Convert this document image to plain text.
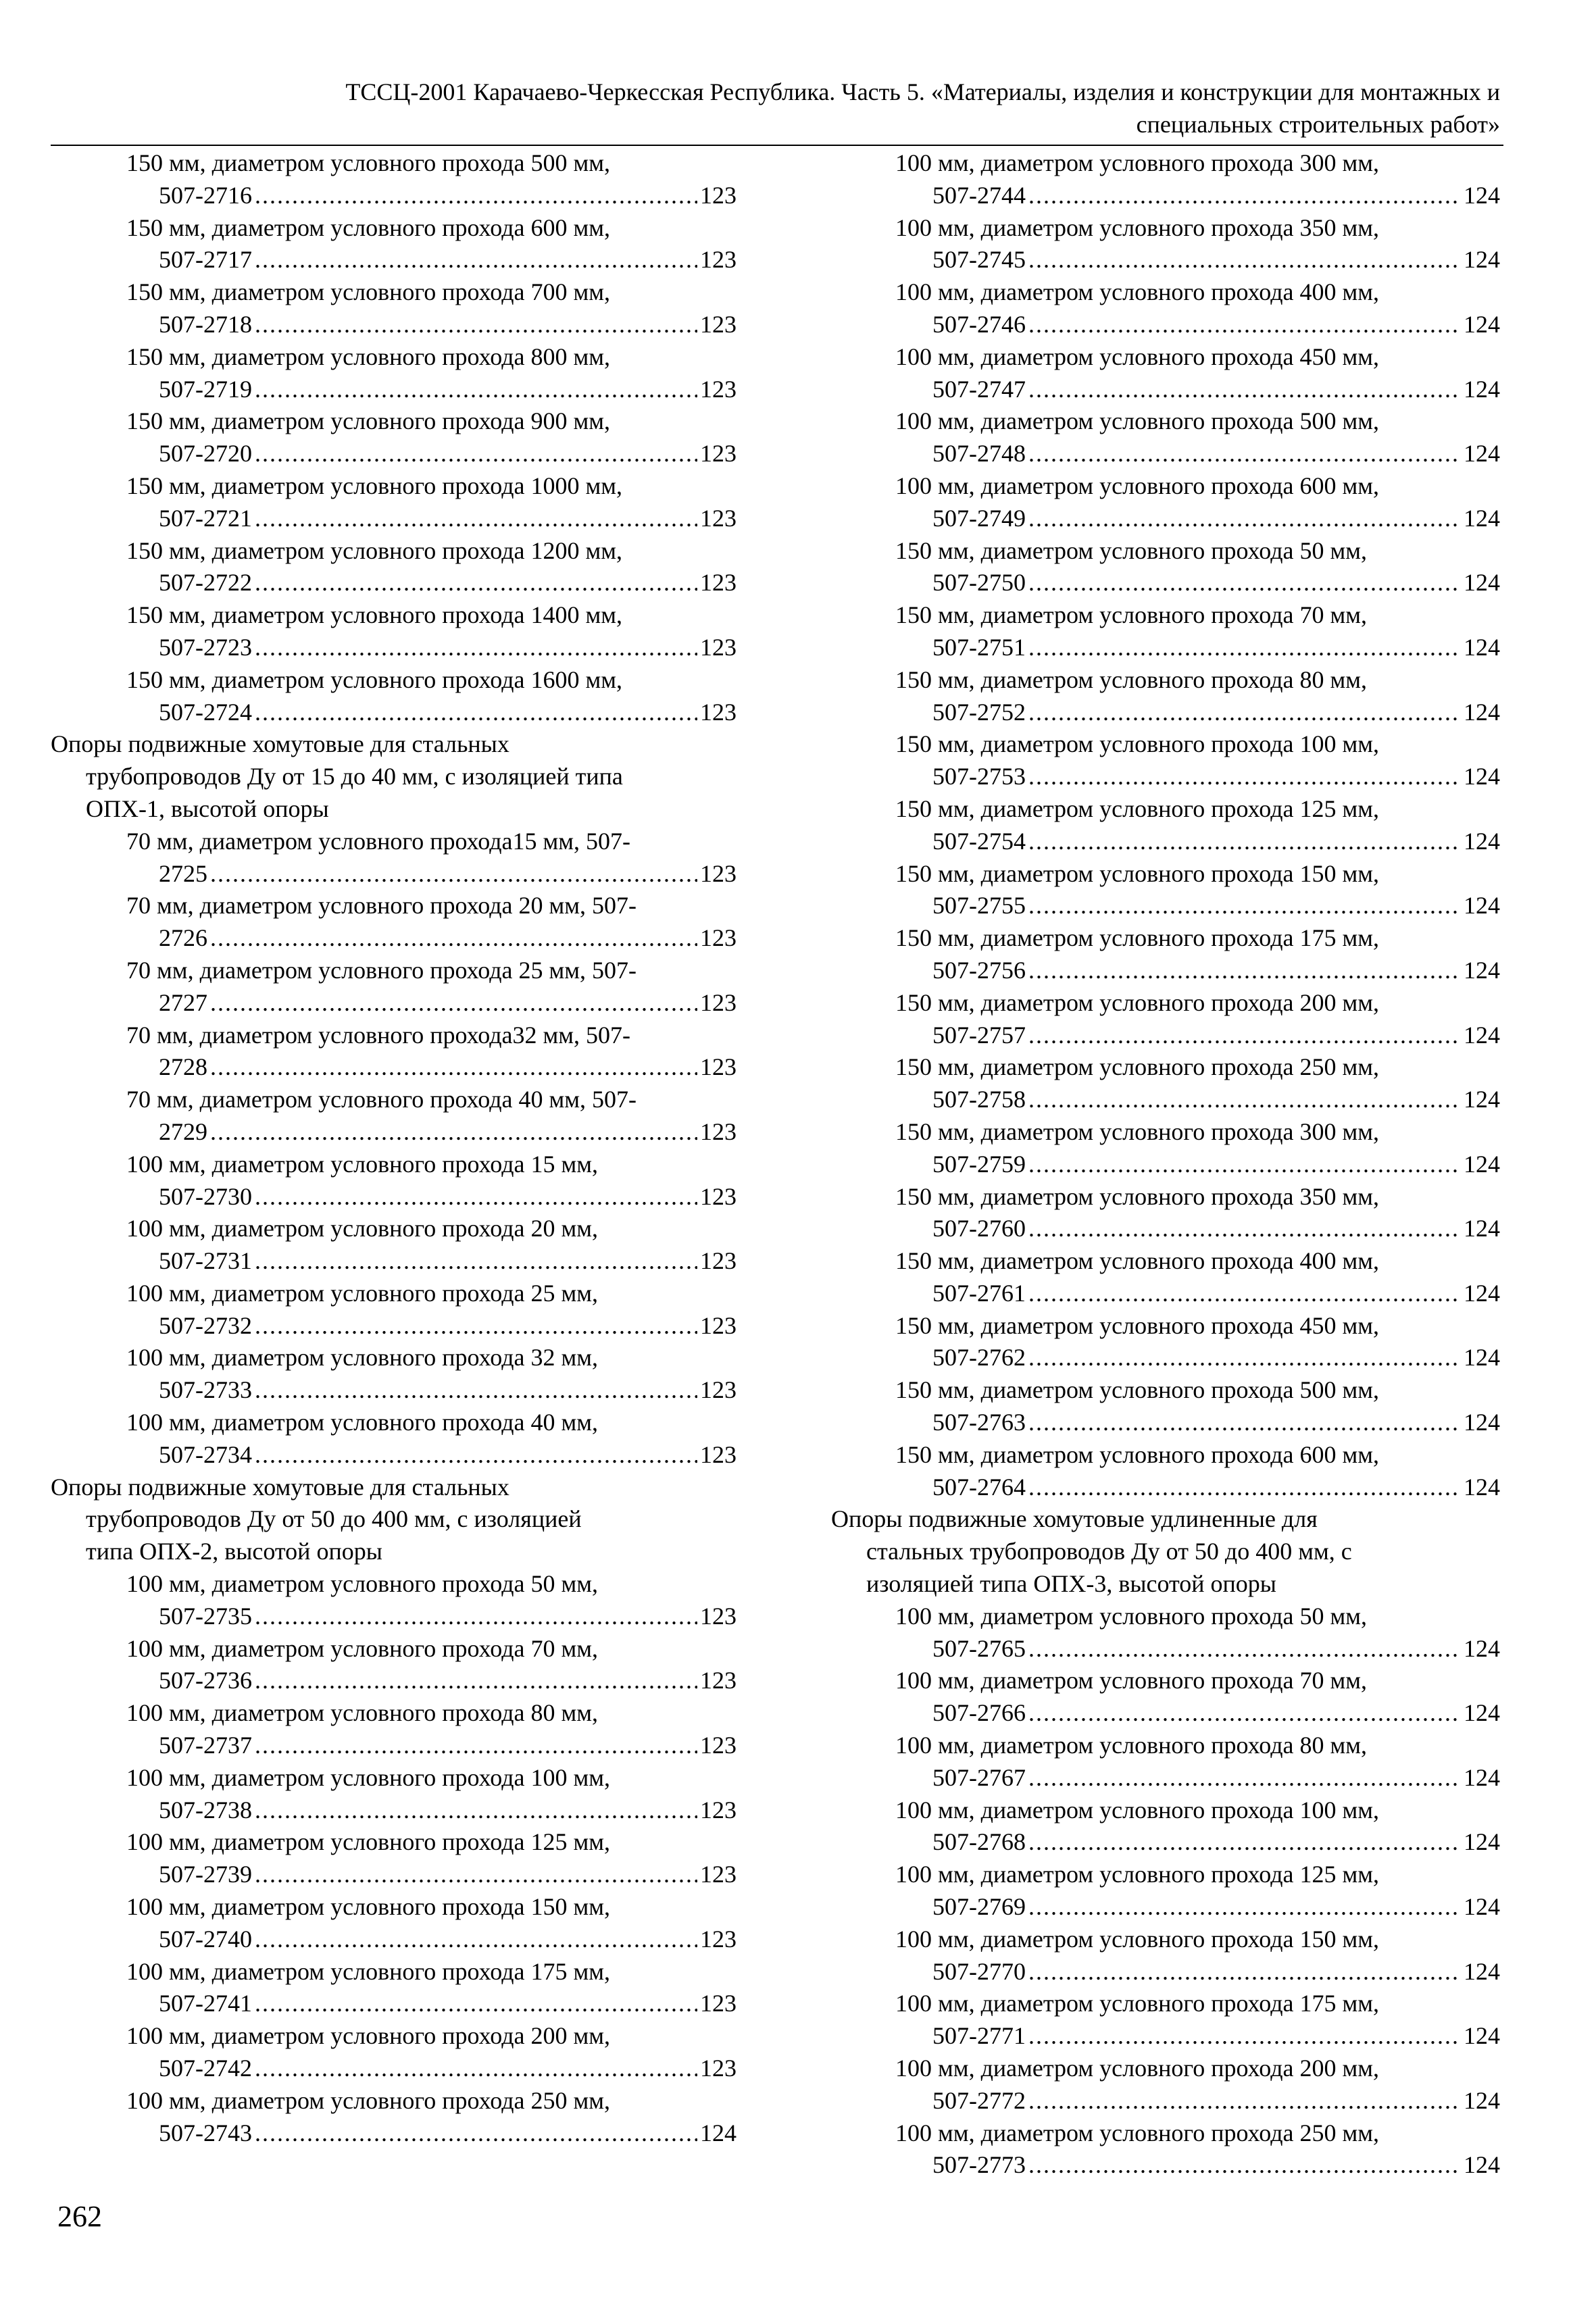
ТССЦ-2001 Карачаево-Черкесская Республика. Часть 5. «Материалы, изделия и конструкции для монтажных и
специальных строительных работ»
150 мм, диаметром условного прохода 500 мм,
507-2716 .....	123
150 мм, диаметром условного прохода 600 мм,
507-2717 .....	123
150 мм, диаметром условного прохода 700 мм,
507-2718 .....	123
150 мм, диаметром условного прохода 800 мм,
507-2719 .....	123
150 мм, диаметром условного прохода 900 мм,
507-2720 .....	123
150 мм, диаметром условного прохода 1000 мм,
507-2721 .....	123
150 мм, диаметром условного прохода 1200 мм,
507-2722 .....	123
150 мм, диаметром условного прохода 1400 мм,
507-2723 .....	123
150 мм, диаметром условного прохода 1600 мм,
507-2724 .....	123
Опоры подвижные хомутовые для стальных
трубопроводов Ду от 15 до 40 мм, с изоляцией типа
ОПХ-1, высотой опоры
70 мм, диаметром условного прохода15 мм, 507-
2725 .....	123
70 мм, диаметром условного прохода 20 мм, 507-
2726 .....	123
70 мм, диаметром условного прохода 25 мм, 507-
2727 .....	123
70 мм, диаметром условного прохода32 мм, 507-
2728 .....	123
70 мм, диаметром условного прохода 40 мм, 507-
2729 .....	123
100 мм, диаметром условного прохода 15 мм,
507-2730 .....	123
100 мм, диаметром условного прохода 20 мм,
507-2731 .....	123
100 мм, диаметром условного прохода 25 мм,
507-2732 .....	123
100 мм, диаметром условного прохода 32 мм,
507-2733 .....	123
100 мм, диаметром условного прохода 40 мм,
507-2734 .....	123
Опоры подвижные хомутовые для стальных
трубопроводов Ду от 50 до 400 мм, с изоляцией
типа ОПХ-2, высотой опоры
100 мм, диаметром условного прохода 50 мм,
507-2735 .....	123
100 мм, диаметром условного прохода 70 мм,
507-2736 .....	123
100 мм, диаметром условного прохода 80 мм,
507-2737 .....	123
100 мм, диаметром условного прохода 100 мм,
507-2738 .....	123
100 мм, диаметром условного прохода 125 мм,
507-2739 .....	123
100 мм, диаметром условного прохода 150 мм,
507-2740 .....	123
100 мм, диаметром условного прохода 175 мм,
507-2741 .....	123
100 мм, диаметром условного прохода 200 мм,
507-2742 .....	123
100 мм, диаметром условного прохода 250 мм,
507-2743 .....	124
100 мм, диаметром условного прохода 300 мм,
507-2744 .....	124
100 мм, диаметром условного прохода 350 мм,
507-2745 .....	124
100 мм, диаметром условного прохода 400 мм,
507-2746 .....	124
100 мм, диаметром условного прохода 450 мм,
507-2747 .....	124
100 мм, диаметром условного прохода 500 мм,
507-2748 .....	124
100 мм, диаметром условного прохода 600 мм,
507-2749 .....	124
150 мм, диаметром условного прохода 50 мм,
507-2750 .....	124
150 мм, диаметром условного прохода 70 мм,
507-2751 .....	124
150 мм, диаметром условного прохода 80 мм,
507-2752 .....	124
150 мм, диаметром условного прохода 100 мм,
507-2753 .....	124
150 мм, диаметром условного прохода 125 мм,
507-2754 .....	124
150 мм, диаметром условного прохода 150 мм,
507-2755 .....	124
150 мм, диаметром условного прохода 175 мм,
507-2756 .....	124
150 мм, диаметром условного прохода 200 мм,
507-2757 .....	124
150 мм, диаметром условного прохода 250 мм,
507-2758 .....	124
150 мм, диаметром условного прохода 300 мм,
507-2759 .....	124
150 мм, диаметром условного прохода 350 мм,
507-2760 .....	124
150 мм, диаметром условного прохода 400 мм,
507-2761 .....	124
150 мм, диаметром условного прохода 450 мм,
507-2762 .....	124
150 мм, диаметром условного прохода 500 мм,
507-2763 .....	124
150 мм, диаметром условного прохода 600 мм,
507-2764 .....	124
Опоры подвижные хомутовые удлиненные для
стальных трубопроводов Ду от 50 до 400 мм, с
изоляцией типа ОПХ-3, высотой опоры
100 мм, диаметром условного прохода 50 мм,
507-2765 .....	124
100 мм, диаметром условного прохода 70 мм,
507-2766 .....	124
100 мм, диаметром условного прохода 80 мм,
507-2767 .....	124
100 мм, диаметром условного прохода 100 мм,
507-2768 .....	124
100 мм, диаметром условного прохода 125 мм,
507-2769 .....	124
100 мм, диаметром условного прохода 150 мм,
507-2770 .....	124
100 мм, диаметром условного прохода 175 мм,
507-2771 .....	124
100 мм, диаметром условного прохода 200 мм,
507-2772 .....	124
100 мм, диаметром условного прохода 250 мм,
507-2773 .....	124
262
